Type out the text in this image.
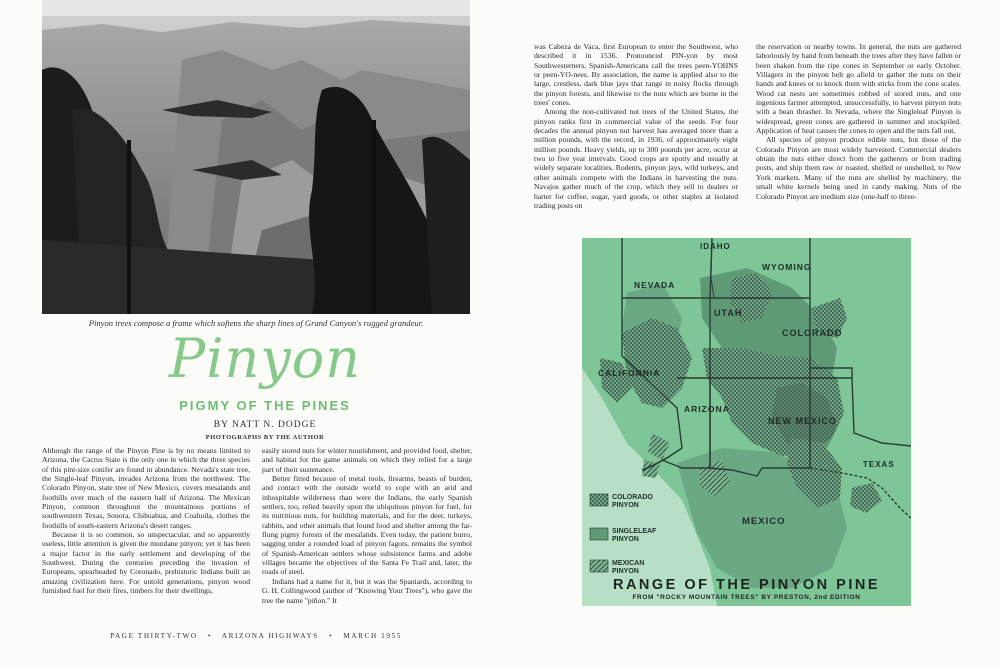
Pinyon trees compose a frame which softens the sharp lines of Grand Canyon's rugged grandeur.
Pinyon
PIGMY OF THE PINES
BY NATT N. DODGE
PHOTOGRAPHS BY THE AUTHOR

Although the range of the Pinyon Pine is by no means limited to Arizona, the Cactus State is the only one in which the three species of this pint-size conifer are found in abundance. Nevada's state tree, the Single-leaf Pinyon, invades Arizona from the northwest. The Colorado Pinyon, state tree of New Mexico, covers mesalands and foothills over much of the eastern half of Arizona. The Mexican Pinyon, common throughout the mountainous portions of southwestern Texas, Sonora, Chihuahua, and Coahuila, clothes the foothills of south-eastern Arizona's desert ranges.

Because it is so common, so unspectacular, and so apparently useless, little attention is given the mundane pinyon; yet it has been a major factor in the early settlement and developing of the Southwest. During the centuries preceding the invasion of Europeans, spearheaded by Coronado, prehistoric Indians built an amazing civilization here. For untold generations, pinyon wood furnished fuel for their fires, timbers for their dwellings,

easily stored nuts for winter nourishment, and provided food, shelter, and habitat for the game animals on which they relied for a large part of their sustenance.

Better fitted because of metal tools, firearms, beasts of burden, and contact with the outside world to cope with an arid and inhospitable wilderness than were the Indians, the early Spanish settlers, too, relied heavily upon the ubiquitous pinyon for fuel, for its nutritious nuts, for building materials, and for the deer, turkeys, rabbits, and other animals that found food and shelter among the far-flung pigmy forests of the mesalands. Even today, the patient burro, sagging under a rounded load of pinyon fagots, remains the symbol of Spanish-American settlers whose subsistence farms and adobe villages became the objectives of the Santa Fe Trail and, later, the roads of steel.

Indians had a name for it, but it was the Spaniards, according to G. H. Collingwood (author of "Knowing Your Trees"), who gave the tree the name "piñon." It

was Cabeza de Vaca, first European to enter the Southwest, who described it in 1536. Pronounced PIN-yon by most Southwesterners, Spanish-Americans call the trees peen-YOHNS or peen-YO-nees. By association, the name is applied also to the large, crestless, dark blue jays that range in noisy flocks through the pinyon forests, and likewise to the nuts which are borne in the trees' cones.

Among the non-cultivated nut trees of the United States, the pinyon ranks first in commercial value of the seeds. For four decades the annual pinyon nut harvest has averaged more than a million pounds, with the record, in 1936, of approximately eight million pounds. Heavy yields, up to 300 pounds per acre, occur at two to five year intervals. Good crops are spotty and usually at widely separate localities. Rodents, pinyon jays, wild turkeys, and other animals compete with the Indians in harvesting the nuts. Navajos gather much of the crop, which they sell to dealers or barter for coffee, sugar, yard goods, or other staples at isolated trading posts on

the reservation or nearby towns. In general, the nuts are gathered laboriously by hand from beneath the trees after they have fallen or been shaken from the ripe cones in September or early October. Villagers in the pinyon belt go afield to gather the nuts on their hands and knees or to knock them with sticks from the cone scales. Wood rat nests are sometimes robbed of stored nuts, and one ingenious farmer attempted, unsuccessfully, to harvest pinyon nuts with a bean thrasher. In Nevada, where the Singleleaf Pinyon is widespread, green cones are gathered in summer and stockpiled. Application of heat causes the cones to open and the nuts fall out.

All species of pinyon produce edible nuts, but those of the Colorado Pinyon are most widely harvested. Commercial dealers obtain the nuts either direct from the gatherers or from trading posts, and ship them raw or roasted, shelled or unshelled, to New York markets. Many of the nuts are shelled by machinery, the small white kernels being used in candy making. Nuts of the Colorado Pinyon are medium size (one-half to three-

IDAHO
WYOMING
NEVADA
UTAH
COLORADO
CALIFORNIA
ARIZONA
NEW MEXICO
TEXAS
MEXICO
COLORADO
PINYON
SINGLELEAF
PINYON
MEXICAN
PINYON
RANGE OF THE PINYON PINE
FROM "ROCKY MOUNTAIN TREES" BY PRESTON, 2nd EDITION
PAGE THIRTY-TWO • ARIZONA HIGHWAYS • MARCH 1955
